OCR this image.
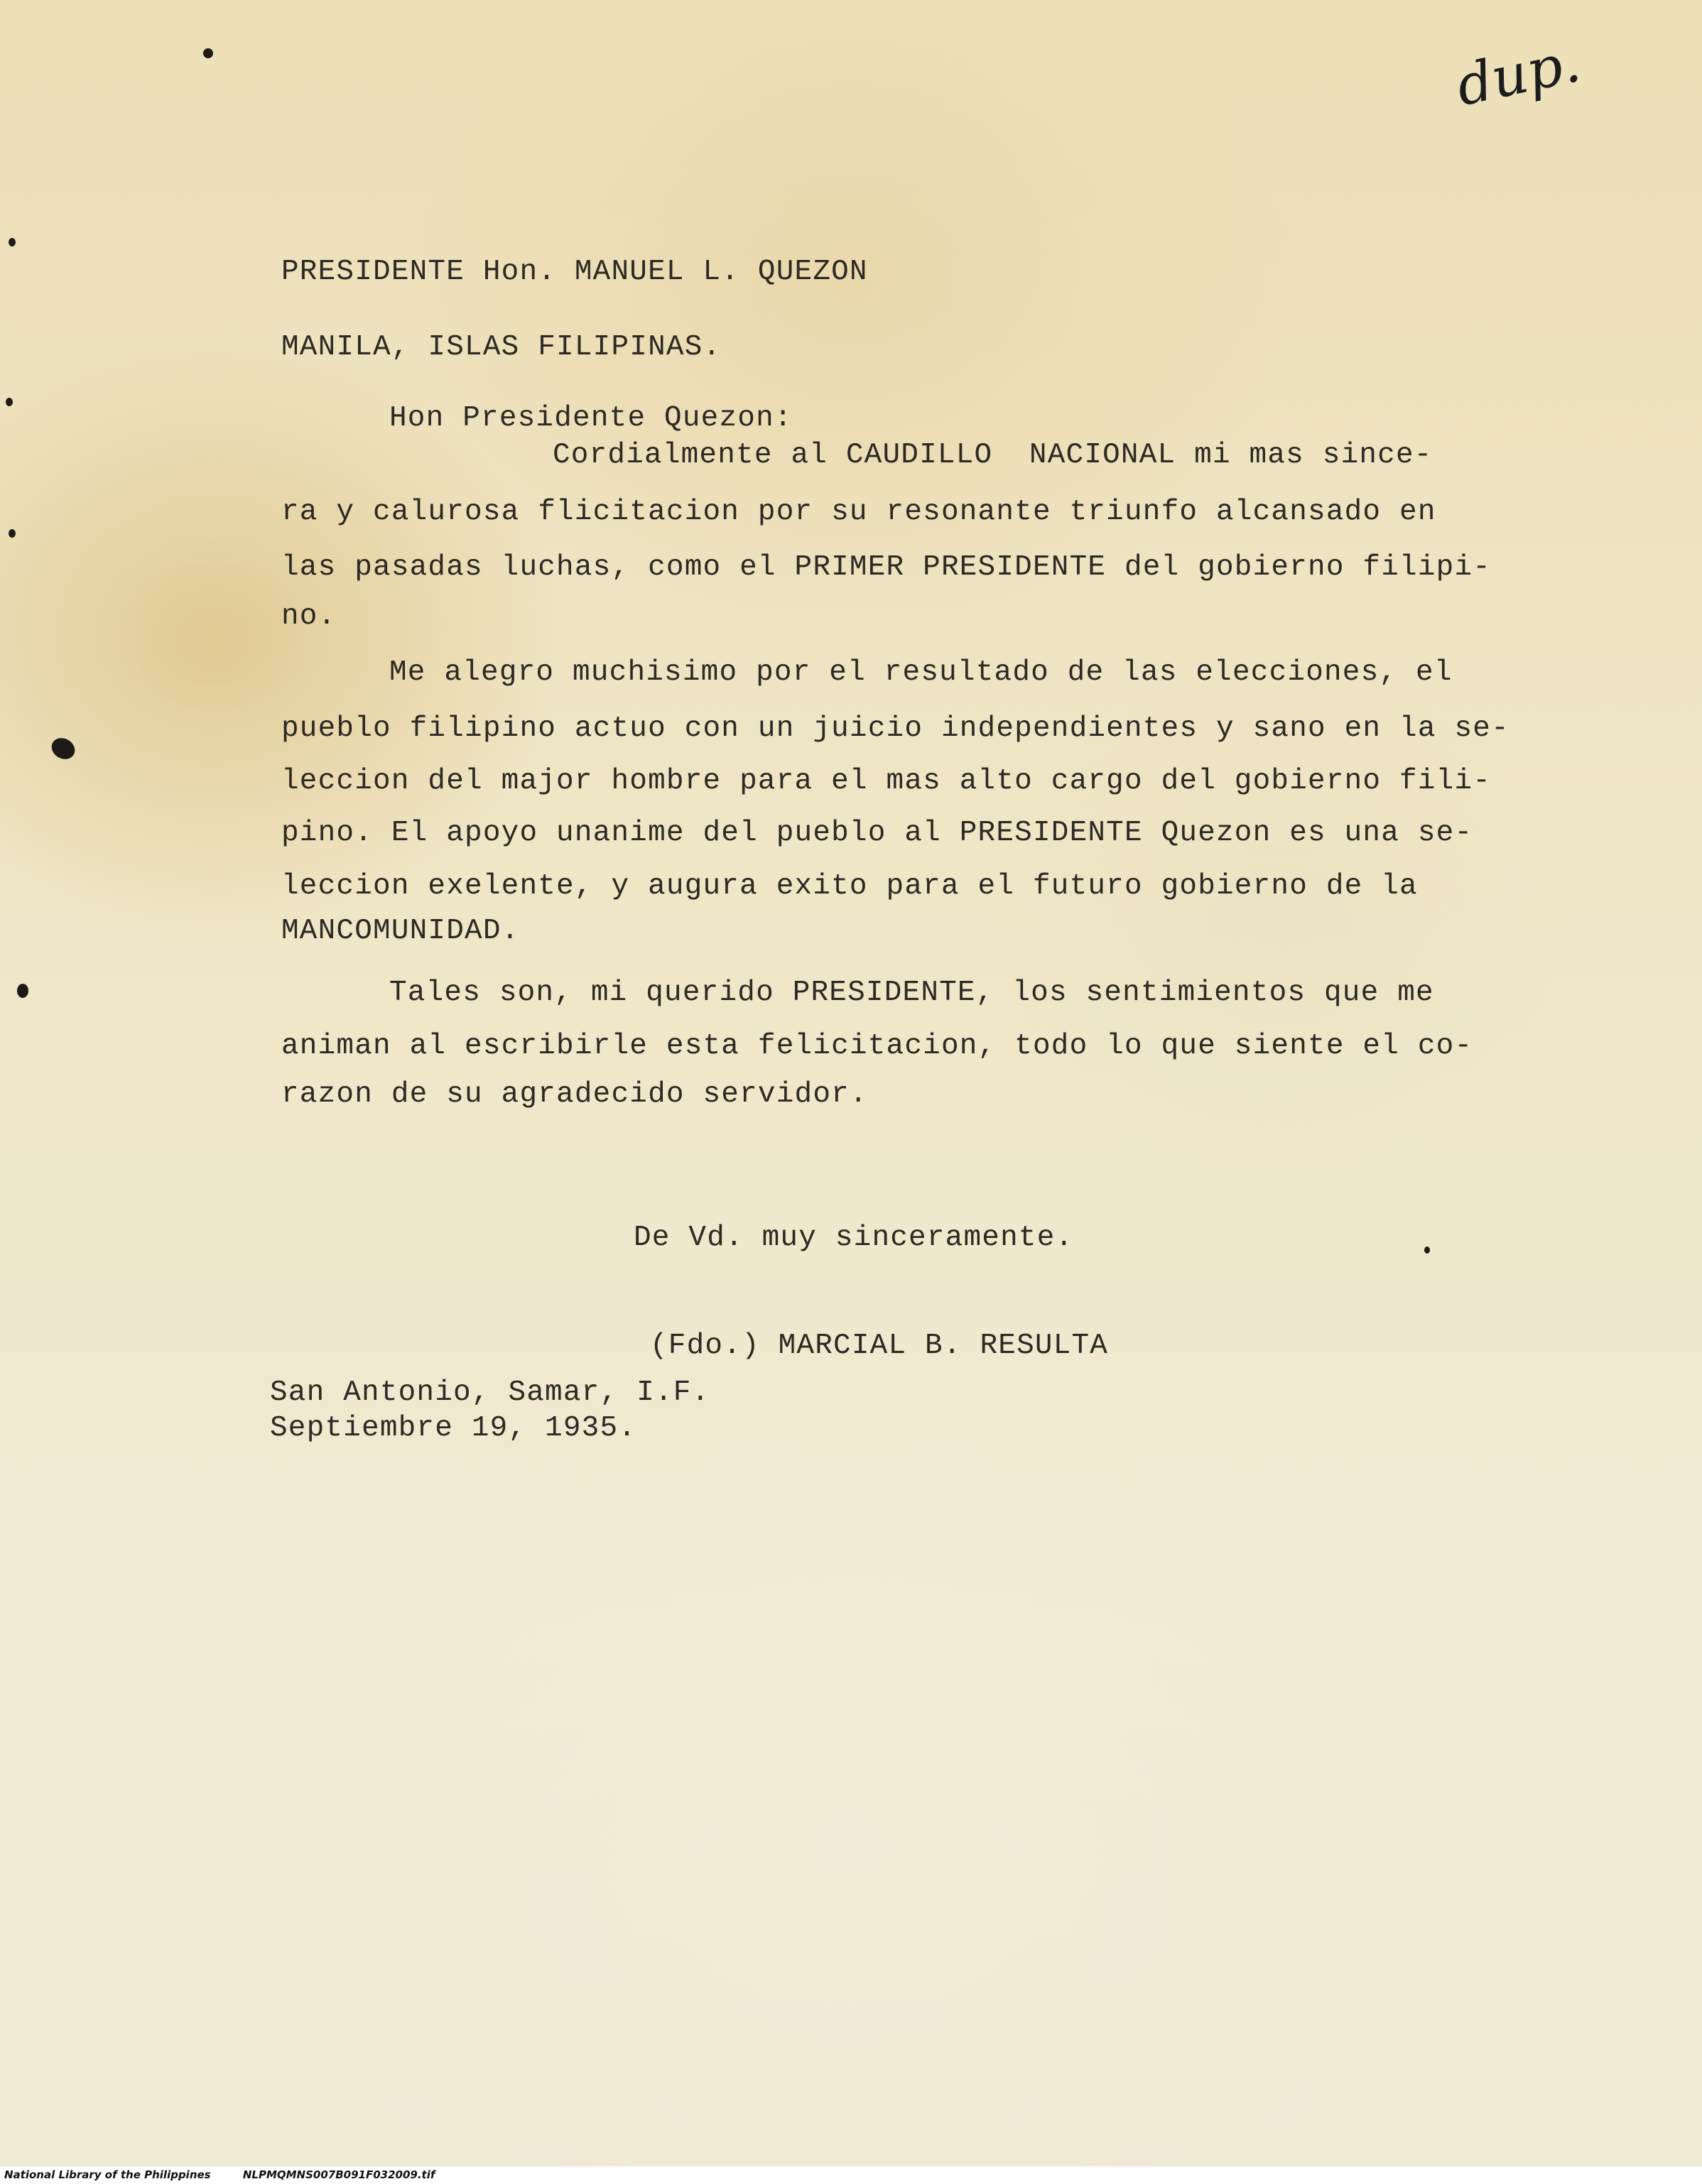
dup.
PRESIDENTE Hon. MANUEL L. QUEZON
MANILA, ISLAS FILIPINAS.
Hon Presidente Quezon:
Cordialmente al CAUDILLO  NACIONAL mi mas since-
ra y calurosa flicitacion por su resonante triunfo alcansado en
las pasadas luchas, como el PRIMER PRESIDENTE del gobierno filipi-
no.
Me alegro muchisimo por el resultado de las elecciones, el
pueblo filipino actuo con un juicio independientes y sano en la se-
leccion del major hombre para el mas alto cargo del gobierno fili-
pino. El apoyo unanime del pueblo al PRESIDENTE Quezon es una se-
leccion exelente, y augura exito para el futuro gobierno de la
MANCOMUNIDAD.
Tales son, mi querido PRESIDENTE, los sentimientos que me
animan al escribirle esta felicitacion, todo lo que siente el co-
razon de su agradecido servidor.
De Vd. muy sinceramente.
(Fdo.) MARCIAL B. RESULTA
San Antonio, Samar, I.F.
Septiembre 19, 1935.
National Library of the Philippines	NLPMQMNS007B091F032009.tif
